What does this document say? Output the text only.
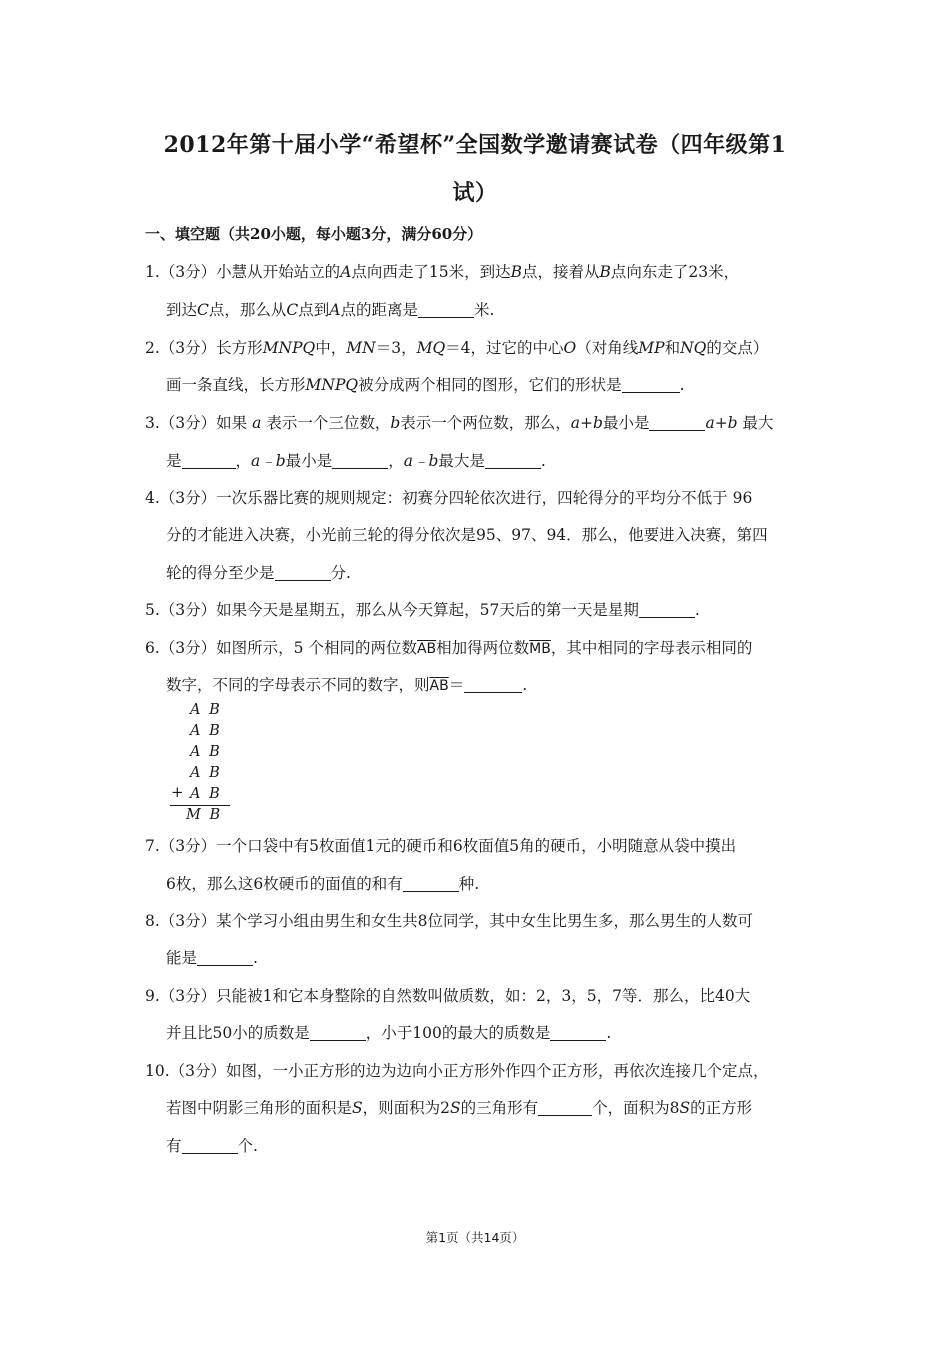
2012年第十届小学“希望杯”全国数学邀请赛试卷（四年级第1
试）
一、填空题（共20小题，每小题3分，满分60分）
1.（3分）小慧从开始站立的A点向西走了15米，到达B点，接着从B点向东走了23米，
到达C点，那么从C点到A点的距离是	米.
2.（3分）长方形MNPQ中，MN＝3，MQ＝4，过它的中心O（对角线MP和NQ的交点）
画一条直线，长方形MNPQ被分成两个相同的图形，它们的形状是	.
3.（3分）如果 a 表示一个三位数，b表示一个两位数，那么，a+b最小是	a+b 最大
是	，a﹣b最小是	，a﹣b最大是	.
4.（3分）一次乐器比赛的规则规定：初赛分四轮依次进行，四轮得分的平均分不低于 96
分的才能进入决赛，小光前三轮的得分依次是95、97、94．那么，他要进入决赛，第四
轮的得分至少是	分.
5.（3分）如果今天是星期五，那么从今天算起，57天后的第一天是星期	.
6.（3分）如图所示，5 个相同的两位数$\overline{AB}$相加得两位数$\overline{MB}$，其中相同的字母表示相同的
数字，不同的字母表示不同的数字，则$\overline{AB}=$	.
A B
A B
A B
A B
+ A B
M B
7.（3分）一个口袋中有5枚面值1元的硬币和6枚面值5角的硬币，小明随意从袋中摸出
6枚，那么这6枚硬币的面值的和有	种.
8.（3分）某个学习小组由男生和女生共8位同学，其中女生比男生多，那么男生的人数可
能是	.
9.（3分）只能被1和它本身整除的自然数叫做质数，如：2，3，5，7等．那么，比40大
并且比50小的质数是	，小于100的最大的质数是	.
10.（3分）如图，一小正方形的边为边向小正方形外作四个正方形，再依次连接几个定点，
若图中阴影三角形的面积是S，则面积为2S的三角形有	个，面积为8S的正方形
有	个.
第1页（共14页）
